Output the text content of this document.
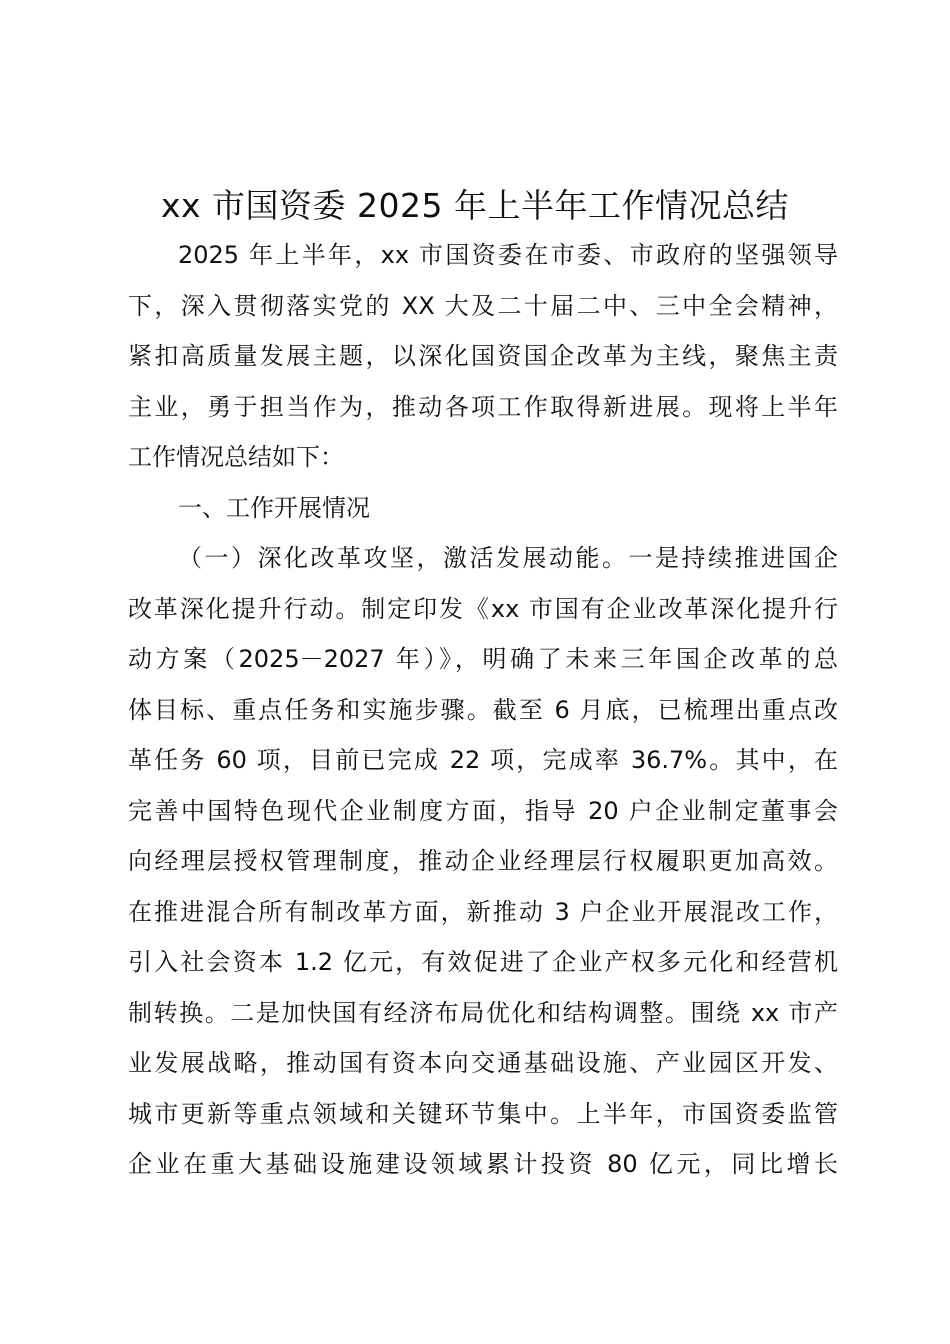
xx 市国资委 2025 年上半年工作情况总结
2025 年上半年，xx 市国资委在市委、市政府的坚强领导
下，深入贯彻落实党的 XX 大及二十届二中、三中全会精神，
紧扣高质量发展主题，以深化国资国企改革为主线，聚焦主责
主业，勇于担当作为，推动各项工作取得新进展。现将上半年
工作情况总结如下：
一、工作开展情况
（一）深化改革攻坚，激活发展动能。一是持续推进国企
改革深化提升行动。制定印发《xx 市国有企业改革深化提升行
动方案（2025－2027 年）》，明确了未来三年国企改革的总
体目标、重点任务和实施步骤。截至 6 月底，已梳理出重点改
革任务 60 项，目前已完成 22 项，完成率 36.7%。其中，在
完善中国特色现代企业制度方面，指导 20 户企业制定董事会
向经理层授权管理制度，推动企业经理层行权履职更加高效。
在推进混合所有制改革方面，新推动 3 户企业开展混改工作，
引入社会资本 1.2 亿元，有效促进了企业产权多元化和经营机
制转换。二是加快国有经济布局优化和结构调整。围绕 xx 市产
业发展战略，推动国有资本向交通基础设施、产业园区开发、
城市更新等重点领域和关键环节集中。上半年，市国资委监管
企业在重大基础设施建设领域累计投资 80 亿元，同比增长
